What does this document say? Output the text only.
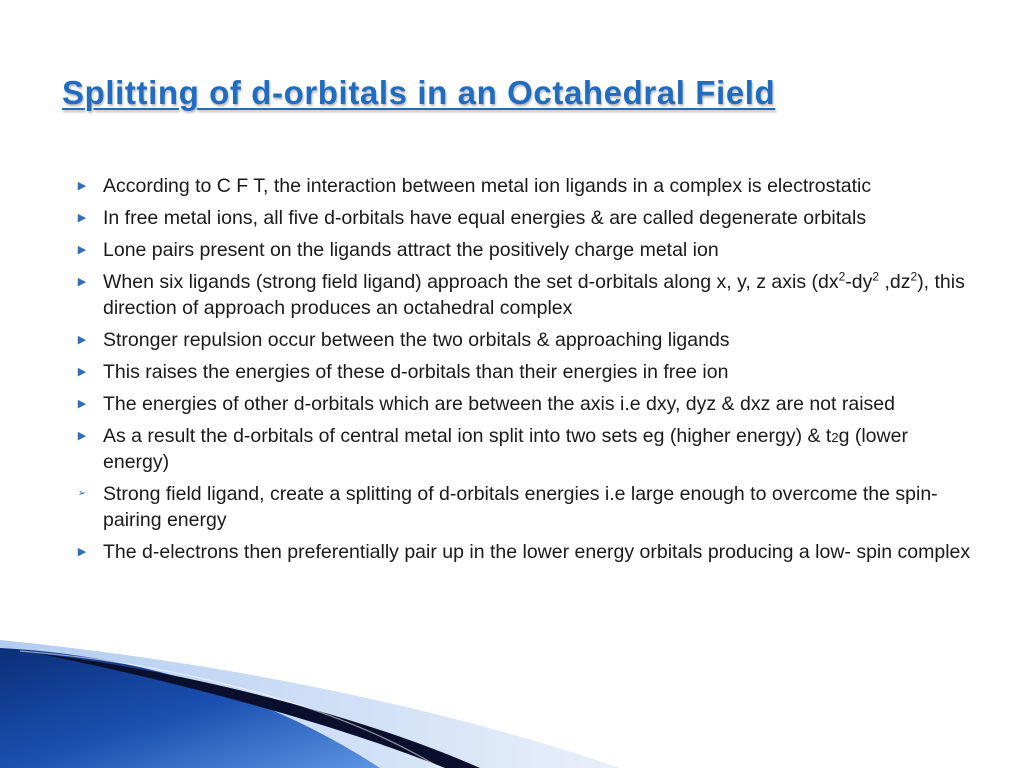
Splitting of d-orbitals in an Octahedral Field
▶ According to C F T, the interaction between metal ion ligands in a complex is electrostatic
▶ In free metal ions, all five d-orbitals have equal energies & are called degenerate orbitals
▶ Lone pairs present on the ligands attract the positively charge metal ion
▶ When six ligands (strong field ligand) approach the set d-orbitals along x, y, z axis ($dx^2-dy^2$ $,dz^2$), this direction of approach produces an octahedral complex
▶ Stronger repulsion occur between the two orbitals & approaching ligands
▶ This raises the energies of these d-orbitals than their energies in free ion
▶ The energies of other d-orbitals which are between the axis i.e dxy, dyz & dxz are not raised
▶ As a result the d-orbitals of central metal ion split into two sets eg (higher energy) & t2g (lower energy)
➢ Strong field ligand, create a splitting of d-orbitals energies i.e large enough to overcome the spin-pairing energy
▶ The d-electrons then preferentially pair up in the lower energy orbitals producing a low- spin complex
